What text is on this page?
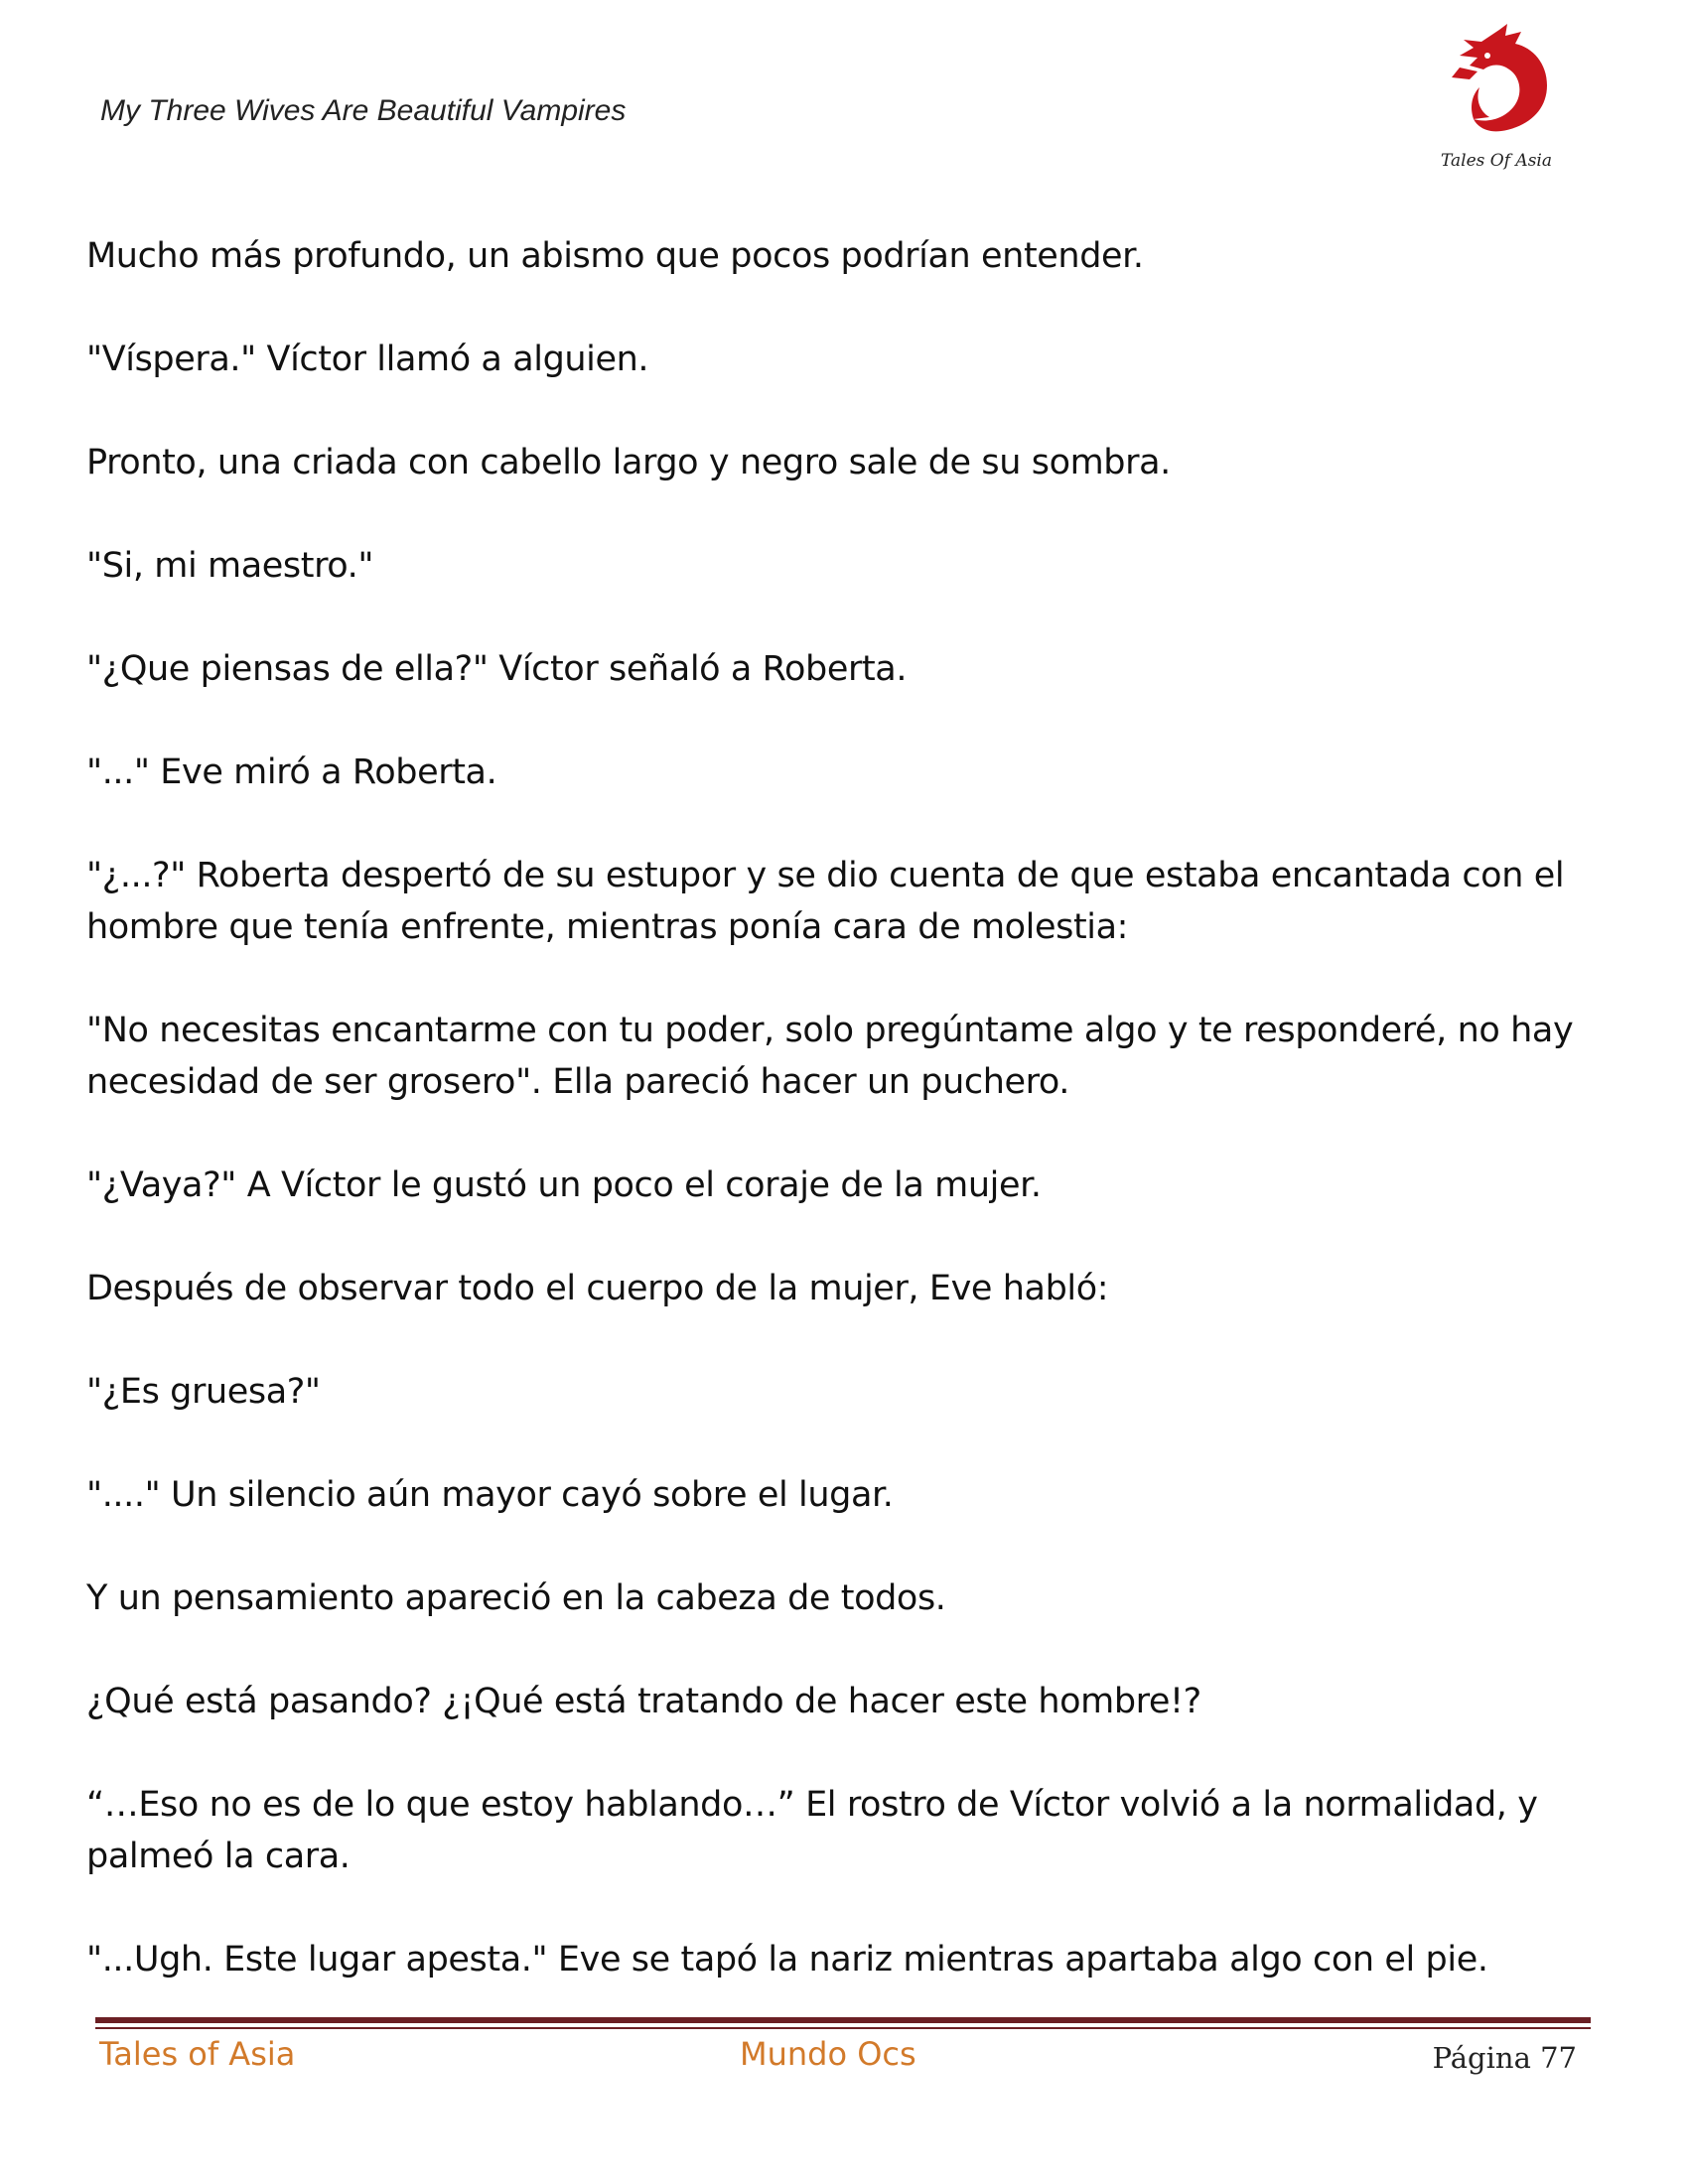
My Three Wives Are Beautiful Vampires
Tales Of Asia

Mucho más profundo, un abismo que pocos podrían entender.

"Víspera." Víctor llamó a alguien.

Pronto, una criada con cabello largo y negro sale de su sombra.

"Si, mi maestro."

"¿Que piensas de ella?" Víctor señaló a Roberta.

"..." Eve miró a Roberta.

"¿...?" Roberta despertó de su estupor y se dio cuenta de que estaba encantada con el hombre que tenía enfrente, mientras ponía cara de molestia:

"No necesitas encantarme con tu poder, solo pregúntame algo y te responderé, no hay necesidad de ser grosero". Ella pareció hacer un puchero.

"¿Vaya?" A Víctor le gustó un poco el coraje de la mujer.

Después de observar todo el cuerpo de la mujer, Eve habló:

"¿Es gruesa?"

"...." Un silencio aún mayor cayó sobre el lugar.

Y un pensamiento apareció en la cabeza de todos.

¿Qué está pasando? ¿¡Qué está tratando de hacer este hombre!?

“…Eso no es de lo que estoy hablando…” El rostro de Víctor volvió a la normalidad, y palmeó la cara.

"...Ugh. Este lugar apesta." Eve se tapó la nariz mientras apartaba algo con el pie.

Tales of Asia	Mundo Ocs	Página 77
